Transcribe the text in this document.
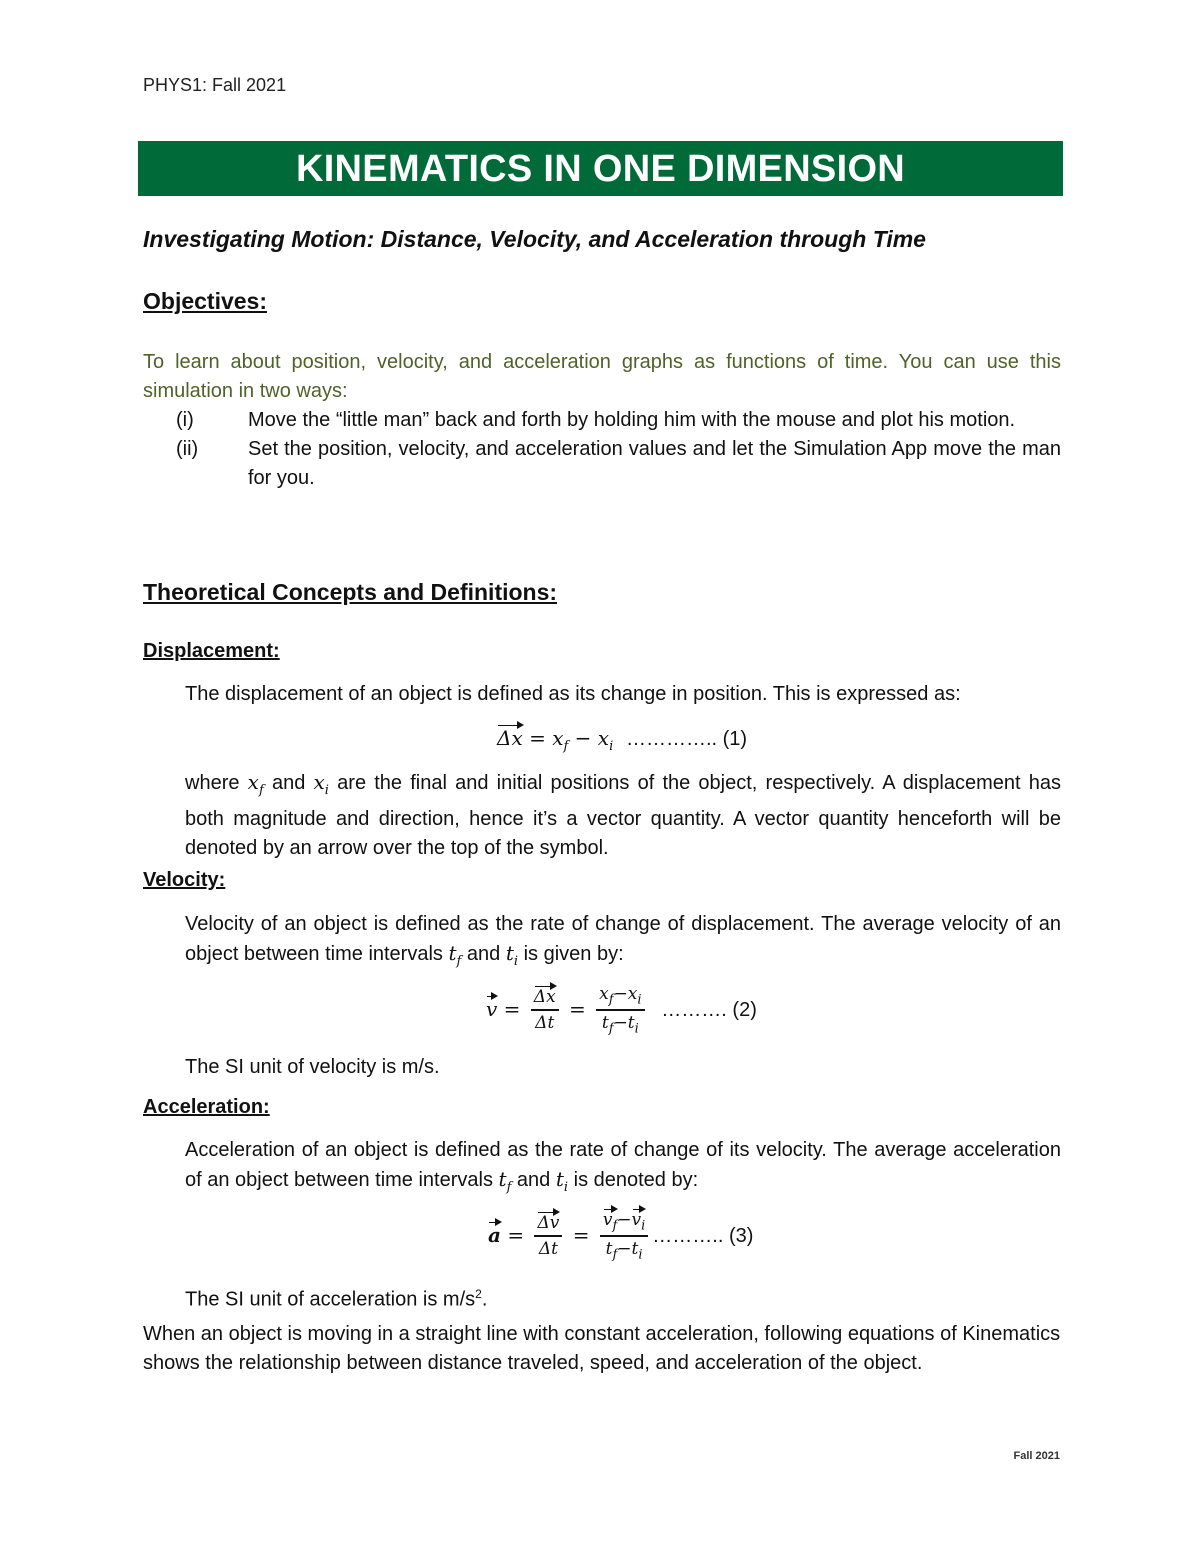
PHYS1: Fall 2021
KINEMATICS IN ONE DIMENSION
Investigating Motion: Distance, Velocity, and Acceleration through Time
Objectives:
To learn about position, velocity, and acceleration graphs as functions of time. You can use this simulation in two ways:
(i)	Move the “little man” back and forth by holding him with the mouse and plot his motion.
(ii)	Set the position, velocity, and acceleration values and let the Simulation App move the man for you.
Theoretical Concepts and Definitions:
Displacement:
The displacement of an object is defined as its change in position. This is expressed as:
$\Delta x = x_f - x_i$ ………….. (1)
where $x_f$ and $x_i$ are the final and initial positions of the object, respectively. A displacement has both magnitude and direction, hence it’s a vector quantity. A vector quantity henceforth will be denoted by an arrow over the top of the symbol.
Velocity:
Velocity of an object is defined as the rate of change of displacement. The average velocity of an object between time intervals $t_f$ and $t_i$ is given by:
$v = \frac{\Delta x}{\Delta t} = \frac{x_f-x_i}{t_f-t_i}$ ………. (2)
The SI unit of velocity is m/s.
Acceleration:
Acceleration of an object is defined as the rate of change of its velocity. The average acceleration of an object between time intervals $t_f$ and $t_i$ is denoted by:
$a = \frac{\Delta v}{\Delta t} = \frac{v_f-v_i}{t_f-t_i}$ ……….. (3)
The SI unit of acceleration is $m/s^2$.
When an object is moving in a straight line with constant acceleration, following equations of Kinematics shows the relationship between distance traveled, speed, and acceleration of the object.
Fall 2021
